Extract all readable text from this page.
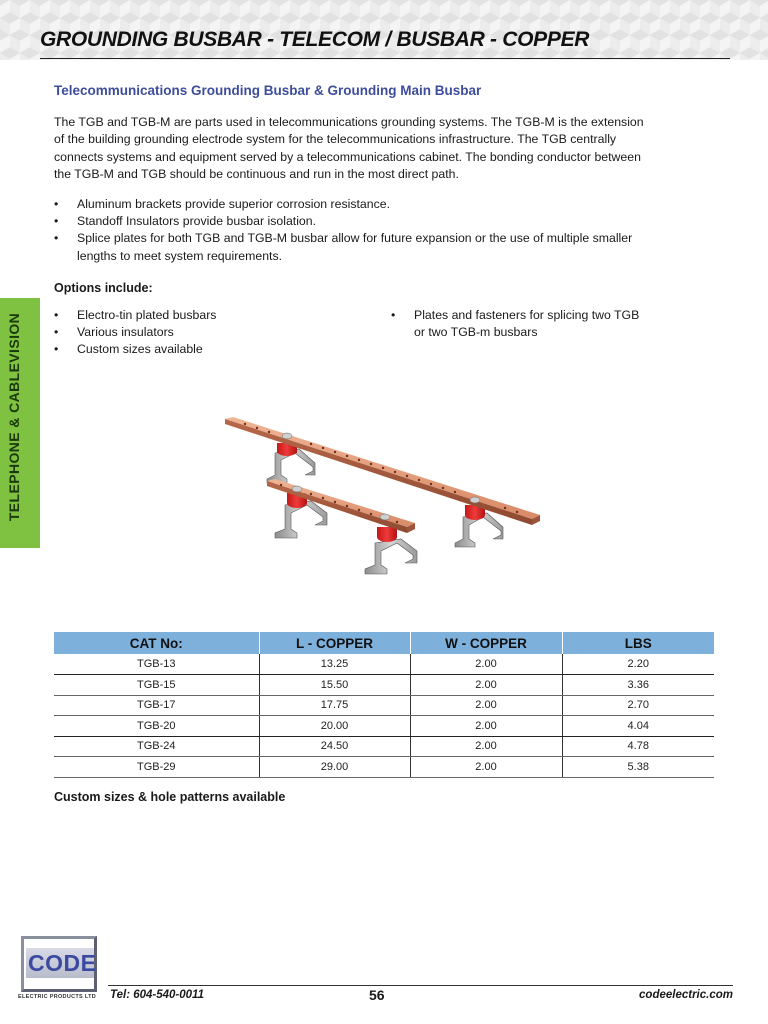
GROUNDING BUSBAR - TELECOM / BUSBAR - COPPER
TELEPHONE & CABLEVISION
Telecommunications Grounding Busbar & Grounding Main Busbar
The TGB and TGB-M are parts used in telecommunications grounding systems. The TGB-M is the extension
of the building grounding electrode system for the telecommunications infrastructure. The TGB centrally
connects systems and equipment served by a telecommunications cabinet. The bonding conductor between
the TGB-M and TGB should be continuous and run in the most direct path.
• Aluminum brackets provide superior corrosion resistance.
• Standoff Insulators provide busbar isolation.
• Splice plates for both TGB and TGB-M busbar allow for future expansion or the use of multiple smaller
lengths to meet system requirements.
Options include:
• Electro-tin plated busbars
• Various insulators
• Custom sizes available
• Plates and fasteners for splicing two TGB
or two TGB-m busbars
CAT No:	L - COPPER	W - COPPER	LBS
TGB-13	13.25	2.00	2.20
TGB-15	15.50	2.00	3.36
TGB-17	17.75	2.00	2.70
TGB-20	20.00	2.00	4.04
TGB-24	24.50	2.00	4.78
TGB-29	29.00	2.00	5.38
Custom sizes & hole patterns available
CODE
ELECTRIC PRODUCTS LTD Tel: 604-540-0011	56	codeelectric.com
